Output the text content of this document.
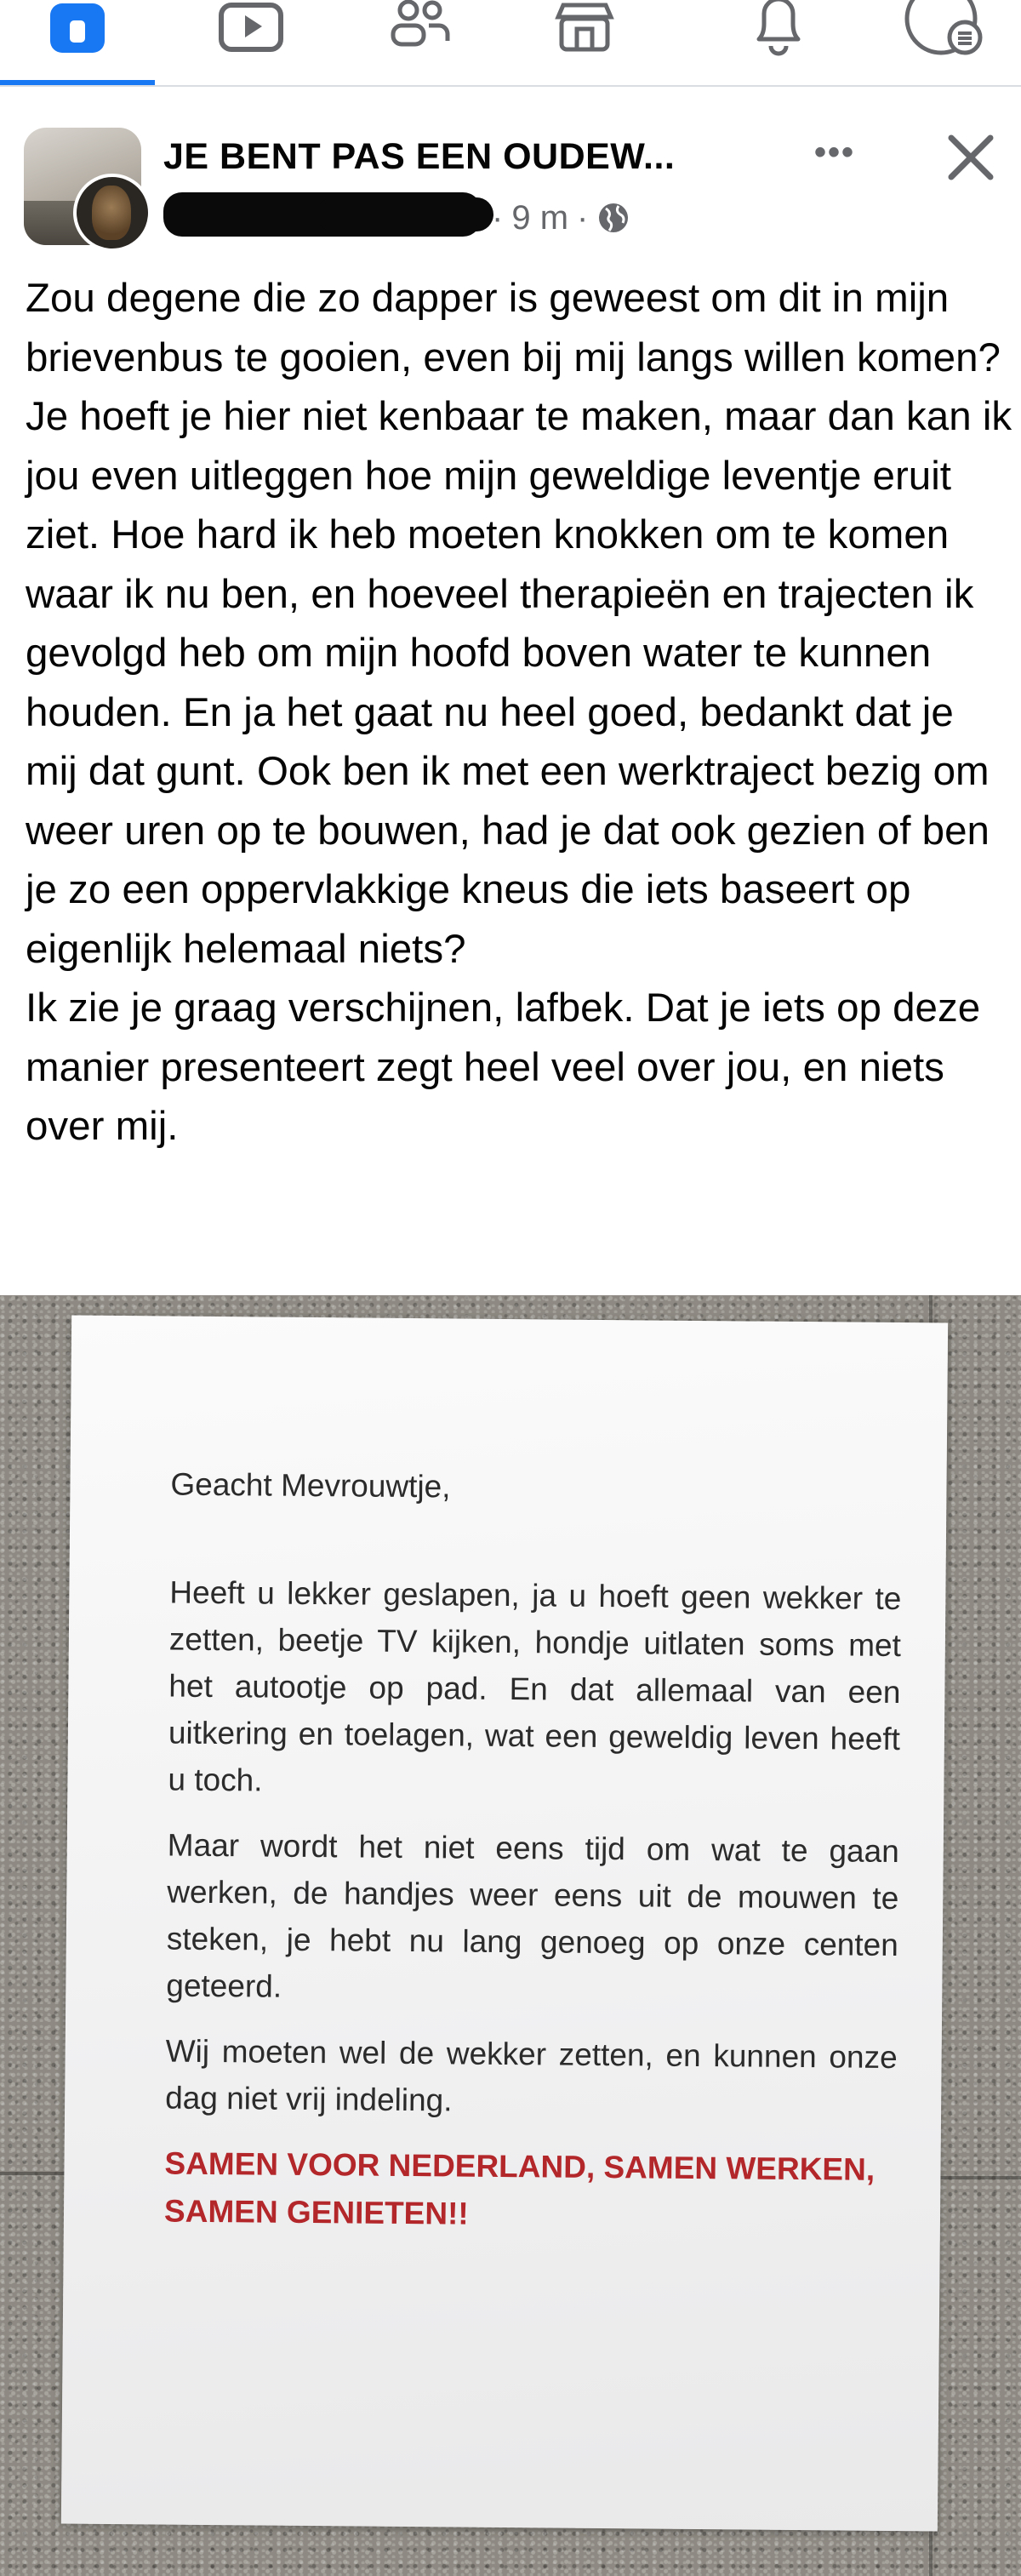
JE BENT PAS EEN OUDEW...	•••
· 9 m ·

Zou degene die zo dapper is geweest om dit in mijn brievenbus te gooien, even bij mij langs willen komen? Je hoeft je hier niet kenbaar te maken, maar dan kan ik jou even uitleggen hoe mijn geweldige leventje eruit ziet. Hoe hard ik heb moeten knokken om te komen waar ik nu ben, en hoeveel therapieën en trajecten ik gevolgd heb om mijn hoofd boven water te kunnen houden. En ja het gaat nu heel goed, bedankt dat je mij dat gunt. Ook ben ik met een werktraject bezig om weer uren op te bouwen, had je dat ook gezien of ben je zo een oppervlakkige kneus die iets baseert op eigenlijk helemaal niets?

Ik zie je graag verschijnen, lafbek. Dat je iets op deze manier presenteert zegt heel veel over jou, en niets over mij.

Geacht Mevrouwtje,

Heeft u lekker geslapen, ja u hoeft geen wekker te zetten, beetje TV kijken, hondje uitlaten soms met het autootje op pad. En dat allemaal van een uitkering en toelagen, wat een geweldig leven heeft u toch.

Maar wordt het niet eens tijd om wat te gaan werken, de handjes weer eens uit de mouwen te steken, je hebt nu lang genoeg op onze centen geteerd.

Wij moeten wel de wekker zetten, en kunnen onze dag niet vrij indeling.

SAMEN VOOR NEDERLAND, SAMEN WERKEN, SAMEN GENIETEN!!
